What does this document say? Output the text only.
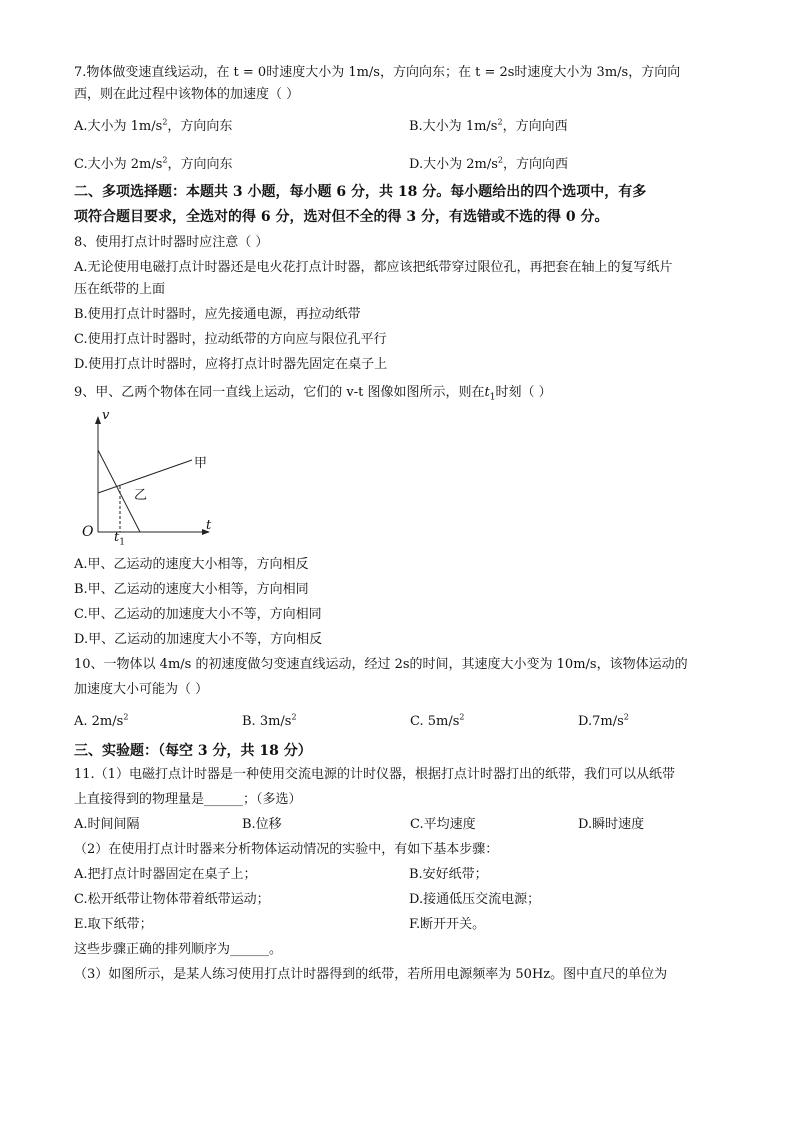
7.物体做变速直线运动，在 t = 0时速度大小为 1m/s，方向向东；在 t = 2s时速度大小为 3m/s，方向向
西，则在此过程中该物体的加速度（ ）
A.大小为 $1m/s^2$，方向向东	B.大小为 $1m/s^2$，方向向西
C.大小为 $2m/s^2$，方向向东	D.大小为 $2m/s^2$，方向向西
二、多项选择题：本题共 3 小题，每小题 6 分，共 18 分。每小题给出的四个选项中，有多
项符合题目要求，全选对的得 6 分，选对但不全的得 3 分，有选错或不选的得 0 分。
8、使用打点计时器时应注意（ ）
A.无论使用电磁打点计时器还是电火花打点计时器，都应该把纸带穿过限位孔，再把套在轴上的复写纸片
压在纸带的上面
B.使用打点计时器时，应先接通电源，再拉动纸带
C.使用打点计时器时，拉动纸带的方向应与限位孔平行
D.使用打点计时器时，应将打点计时器先固定在桌子上
9、甲、乙两个物体在同一直线上运动，它们的 v-t 图像如图所示，则在$t_1$时刻（ ）
v
t
O $t_1$
甲
乙
A.甲、乙运动的速度大小相等，方向相反
B.甲、乙运动的速度大小相等，方向相同
C.甲、乙运动的加速度大小不等，方向相同
D.甲、乙运动的加速度大小不等，方向相反
10、一物体以 4m/s 的初速度做匀变速直线运动，经过 2s的时间，其速度大小变为 10m/s，该物体运动的
加速度大小可能为（ ）
A. $2m/s^2$	B. $3m/s^2$	C. $5m/s^2$	$D.7m/s^2$
三、实验题：（每空 3 分，共 18 分）
11.（1）电磁打点计时器是一种使用交流电源的计时仪器，根据打点计时器打出的纸带，我们可以从纸带
上直接得到的物理量是______；（多选）
A.时间间隔	B.位移	C.平均速度	D.瞬时速度
（2）在使用打点计时器来分析物体运动情况的实验中，有如下基本步骤：
A.把打点计时器固定在桌子上；	B.安好纸带；
C.松开纸带让物体带着纸带运动；	D.接通低压交流电源；
E.取下纸带；	F.断开开关。
这些步骤正确的排列顺序为______。
（3）如图所示，是某人练习使用打点计时器得到的纸带，若所用电源频率为 50Hz。图中直尺的单位为
